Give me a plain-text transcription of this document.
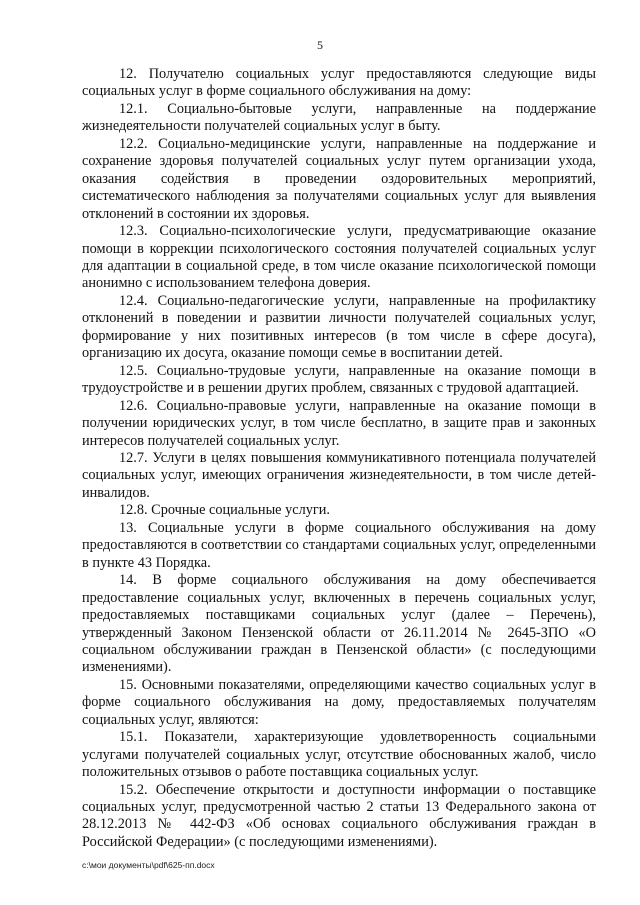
5

12. Получателю социальных услуг предоставляются следующие виды социальных услуг в форме социального обслуживания на дому:

12.1. Социально-бытовые услуги, направленные на поддержание жизнедеятельности получателей социальных услуг в быту.

12.2. Социально-медицинские услуги, направленные на поддержание и сохранение здоровья получателей социальных услуг путем организации ухода, оказания содействия в проведении оздоровительных мероприятий, систематического наблюдения за получателями социальных услуг для выявления отклонений в состоянии их здоровья.

12.3. Социально-психологические услуги, предусматривающие оказание помощи в коррекции психологического состояния получателей социальных услуг для адаптации в социальной среде, в том числе оказание психологической помощи анонимно с использованием телефона доверия.

12.4. Социально-педагогические услуги, направленные на профилактику отклонений в поведении и развитии личности получателей социальных услуг, формирование у них позитивных интересов (в том числе в сфере досуга), организацию их досуга, оказание помощи семье в воспитании детей.

12.5. Социально-трудовые услуги, направленные на оказание помощи в трудоустройстве и в решении других проблем, связанных с трудовой адаптацией.

12.6. Социально-правовые услуги, направленные на оказание помощи в получении юридических услуг, в том числе бесплатно, в защите прав и законных интересов получателей социальных услуг.

12.7. Услуги в целях повышения коммуникативного потенциала получателей социальных услуг, имеющих ограничения жизнедеятельности, в том числе детей-инвалидов.

12.8. Срочные социальные услуги.

13. Социальные услуги в форме социального обслуживания на дому предоставляются в соответствии со стандартами социальных услуг, определенными в пункте 43 Порядка.

14. В форме социального обслуживания на дому обеспечивается предоставление социальных услуг, включенных в перечень социальных услуг, предоставляемых поставщиками социальных услуг (далее – Перечень), утвержденный Законом Пензенской области от 26.11.2014 № 2645-ЗПО «О социальном обслуживании граждан в Пензенской области» (с последующими изменениями).

15. Основными показателями, определяющими качество социальных услуг в форме социального обслуживания на дому, предоставляемых получателям социальных услуг, являются:

15.1. Показатели, характеризующие удовлетворенность социальными услугами получателей социальных услуг, отсутствие обоснованных жалоб, число положительных отзывов о работе поставщика социальных услуг.

15.2. Обеспечение открытости и доступности информации о поставщике социальных услуг, предусмотренной частью 2 статьи 13 Федерального закона от 28.12.2013 № 442-ФЗ «Об основах социального обслуживания граждан в Российской Федерации» (с последующими изменениями).

c:\мои документы\pdf\625-пп.docx
